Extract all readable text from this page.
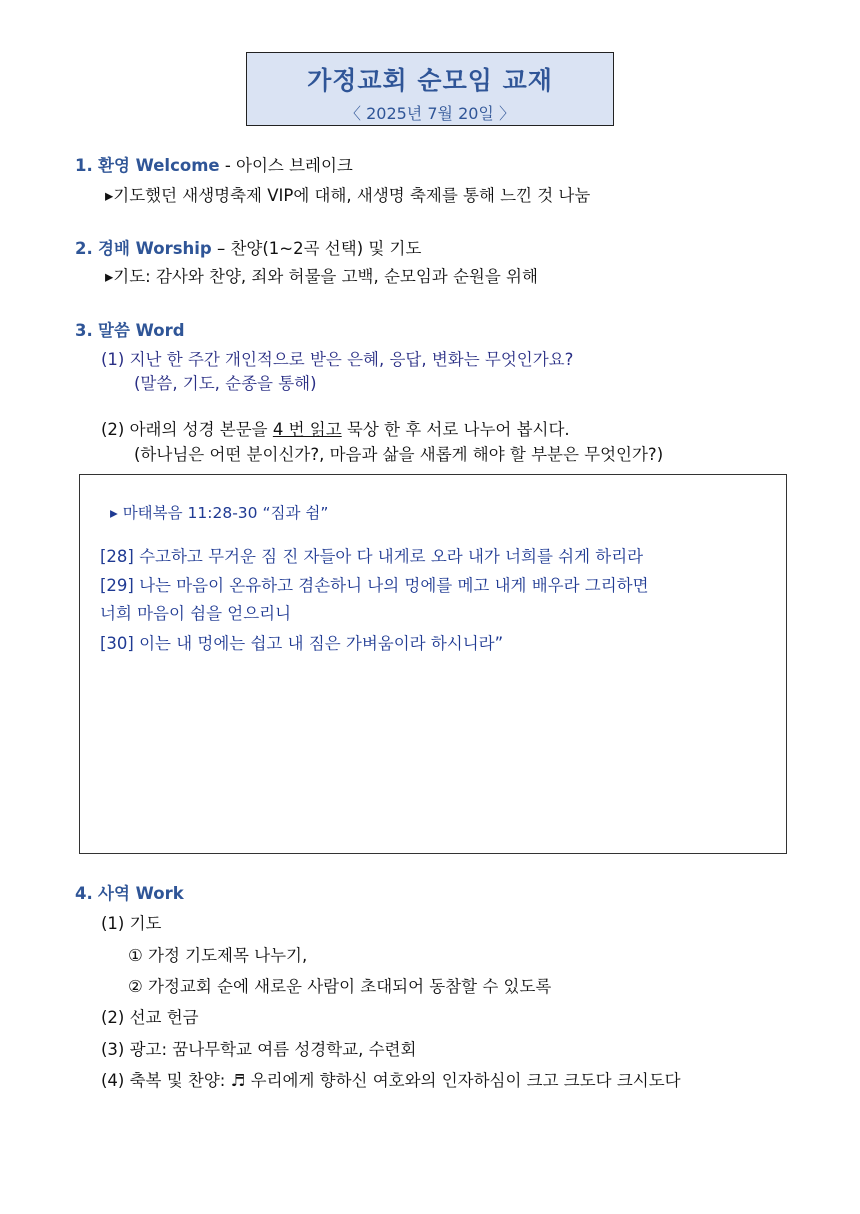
가정교회 순모임 교재
〈 2025년 7월 20일 〉
1. 환영 Welcome - 아이스 브레이크
▸기도했던 새생명축제 VIP에 대해, 새생명 축제를 통해 느낀 것 나눔
2. 경배 Worship – 찬양(1~2곡 선택) 및 기도
▸기도: 감사와 찬양, 죄와 허물을 고백, 순모임과 순원을 위해
3. 말씀 Word
(1) 지난 한 주간 개인적으로 받은 은혜, 응답, 변화는 무엇인가요?
(말씀, 기도, 순종을 통해)
(2) 아래의 성경 본문을 4 번 읽고 묵상 한 후 서로 나누어 봅시다.
(하나님은 어떤 분이신가?, 마음과 삶을 새롭게 해야 할 부분은 무엇인가?)
▸ 마태복음 11:28-30 “짐과 쉼”
[28] 수고하고 무거운 짐 진 자들아 다 내게로 오라 내가 너희를 쉬게 하리라
[29] 나는 마음이 온유하고 겸손하니 나의 멍에를 메고 내게 배우라 그리하면
너희 마음이 쉼을 얻으리니
[30] 이는 내 멍에는 쉽고 내 짐은 가벼움이라 하시니라”
4. 사역 Work
(1) 기도
① 가정 기도제목 나누기,
② 가정교회 순에 새로운 사람이 초대되어 동참할 수 있도록
(2) 선교 헌금
(3) 광고: 꿈나무학교 여름 성경학교, 수련회
(4) 축복 및 찬양: ♬ 우리에게 향하신 여호와의 인자하심이 크고 크도다 크시도다
